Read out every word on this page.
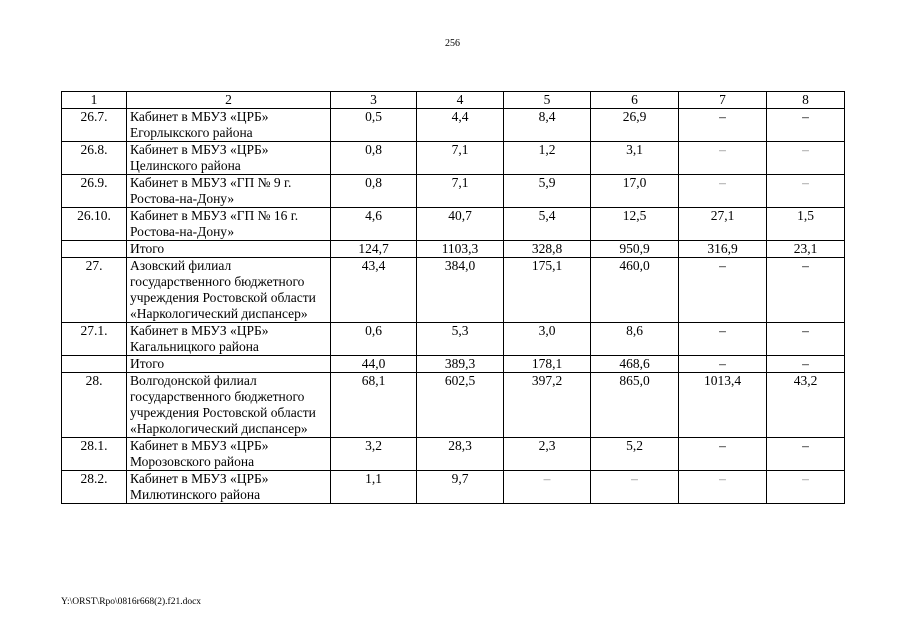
256
1	2	3	4	5	6	7	8
26.7.	Кабинет в МБУЗ «ЦРБ» Егорлыкского района	0,5	4,4	8,4	26,9	–	–
26.8.	Кабинет в МБУЗ «ЦРБ» Целинского района	0,8	7,1	1,2	3,1	–	–
26.9.	Кабинет в МБУЗ «ГП № 9 г. Ростова-на-Дону»	0,8	7,1	5,9	17,0	–	–
26.10.	Кабинет в МБУЗ «ГП № 16 г. Ростова-на-Дону»	4,6	40,7	5,4	12,5	27,1	1,5
	Итого	124,7	1103,3	328,8	950,9	316,9	23,1
27.	Азовский филиал государственного бюджетного учреждения Ростовской области «Наркологический диспансер»	43,4	384,0	175,1	460,0	–	–
27.1.	Кабинет в МБУЗ «ЦРБ» Кагальницкого района	0,6	5,3	3,0	8,6	–	–
	Итого	44,0	389,3	178,1	468,6	–	–
28.	Волгодонской филиал государственного бюджетного учреждения Ростовской области «Наркологический диспансер»	68,1	602,5	397,2	865,0	1013,4	43,2
28.1.	Кабинет в МБУЗ «ЦРБ» Морозовского района	3,2	28,3	2,3	5,2	–	–
28.2.	Кабинет в МБУЗ «ЦРБ» Милютинского района	1,1	9,7	–	–	–	–
Y:\ORST\Rpo\0816r668(2).f21.docx
